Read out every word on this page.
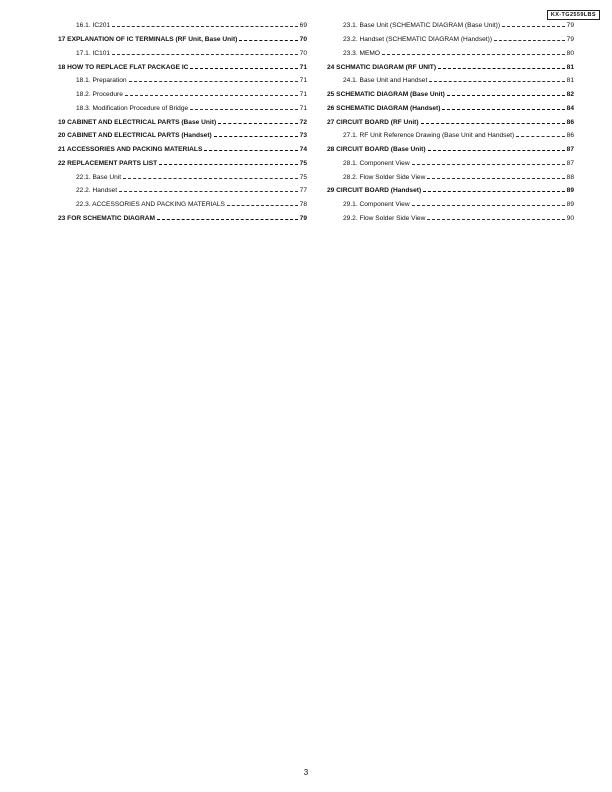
KX-TG2559LBS
16.1. IC201	69
17 EXPLANATION OF IC TERMINALS (RF Unit, Base Unit)	70
17.1. IC101	70
18 HOW TO REPLACE FLAT PACKAGE IC	71
18.1. Preparation	71
18.2. Procedure	71
18.3. Modification Procedure of Bridge	71
19 CABINET AND ELECTRICAL PARTS (Base Unit)	72
20 CABINET AND ELECTRICAL PARTS (Handset)	73
21 ACCESSORIES AND PACKING MATERIALS	74
22 REPLACEMENT PARTS LIST	75
22.1. Base Unit	75
22.2. Handset	77
22.3. ACCESSORIES AND PACKING MATERIALS	78
23 FOR SCHEMATIC DIAGRAM	79
23.1. Base Unit (SCHEMATIC DIAGRAM (Base Unit))	79
23.2. Handset (SCHEMATIC DIAGRAM (Handset))	79
23.3. MEMO	80
24 SCHMATIC DIAGRAM (RF UNIT)	81
24.1. Base Unit and Handset	81
25 SCHEMATIC DIAGRAM (Base Unit)	82
26 SCHEMATIC DIAGRAM (Handset)	84
27 CIRCUIT BOARD (RF Unit)	86
27.1. RF Unit Reference Drawing (Base Unit and Handset)	86
28 CIRCUIT BOARD (Base Unit)	87
28.1. Component View	87
28.2. Flow Solder Side View	88
29 CIRCUIT BOARD (Handset)	89
29.1. Component View	89
29.2. Flow Solder Side View	90
3
